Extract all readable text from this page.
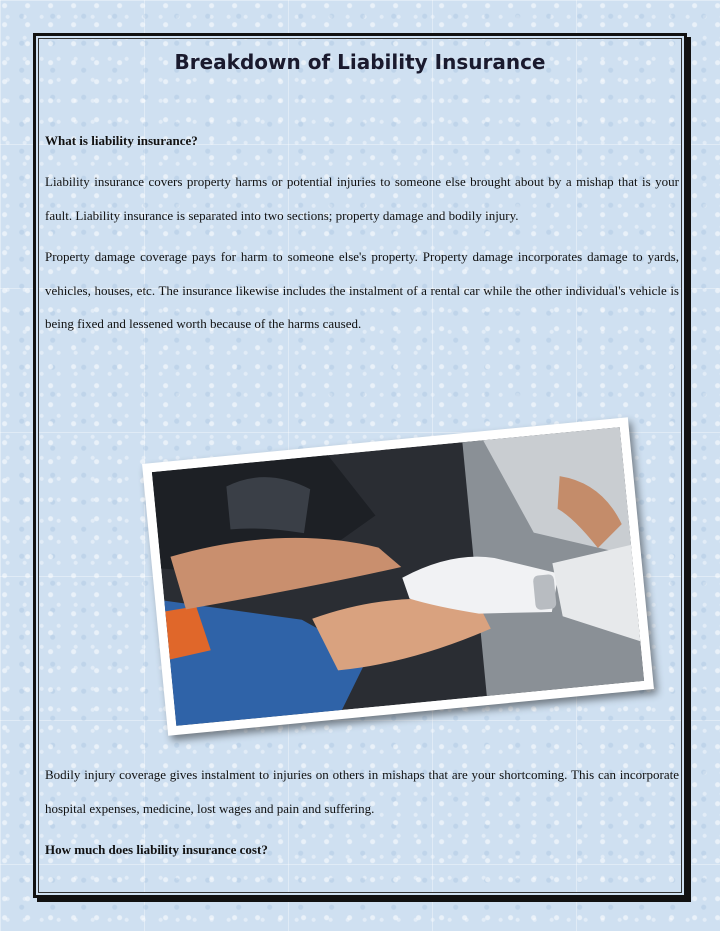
Breakdown of Liability Insurance
What is liability insurance?

Liability insurance covers property harms or potential injuries to someone else brought about by a mishap that is your fault. Liability insurance is separated into two sections; property damage and bodily injury.

Property damage coverage pays for harm to someone else's property. Property damage incorporates damage to yards, vehicles, houses, etc. The insurance likewise includes the instalment of a rental car while the other individual's vehicle is being fixed and lessened worth because of the harms caused.

Bodily injury coverage gives instalment to injuries on others in mishaps that are your shortcoming. This can incorporate hospital expenses, medicine, lost wages and pain and suffering.

How much does liability insurance cost?
